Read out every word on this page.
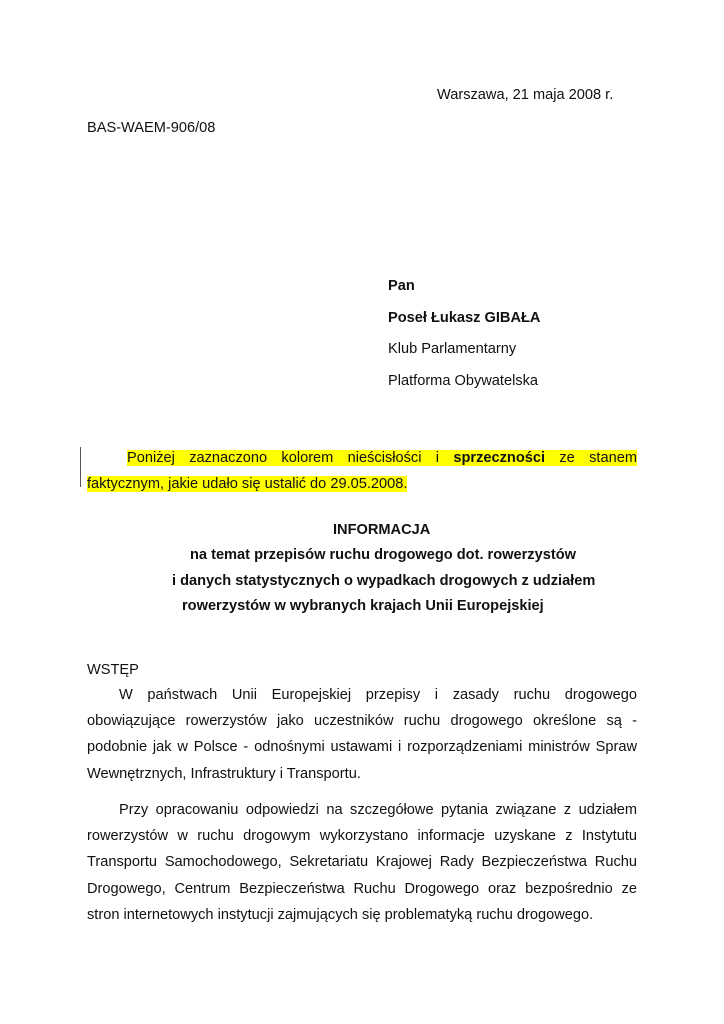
Warszawa, 21 maja 2008 r.
BAS-WAEM-906/08
Pan
Poseł Łukasz GIBAŁA
Klub Parlamentarny
Platforma Obywatelska
Poniżej zaznaczono kolorem nieścisłości i sprzeczności ze stanem
faktycznym, jakie udało się ustalić do 29.05.2008.
INFORMACJA
na temat przepisów ruchu drogowego dot. rowerzystów
i danych statystycznych o wypadkach drogowych z udziałem
rowerzystów w wybranych krajach Unii Europejskiej
WSTĘP
W państwach Unii Europejskiej przepisy i zasady ruchu drogowego
obowiązujące rowerzystów jako uczestników ruchu drogowego określone są -
podobnie jak w Polsce - odnośnymi ustawami i rozporządzeniami ministrów Spraw
Wewnętrznych, Infrastruktury i Transportu.
Przy opracowaniu odpowiedzi na szczegółowe pytania związane z udziałem
rowerzystów w ruchu drogowym wykorzystano informacje uzyskane z Instytutu
Transportu Samochodowego, Sekretariatu Krajowej Rady Bezpieczeństwa Ruchu
Drogowego, Centrum Bezpieczeństwa Ruchu Drogowego oraz bezpośrednio ze
stron internetowych instytucji zajmujących się problematyką ruchu drogowego.
